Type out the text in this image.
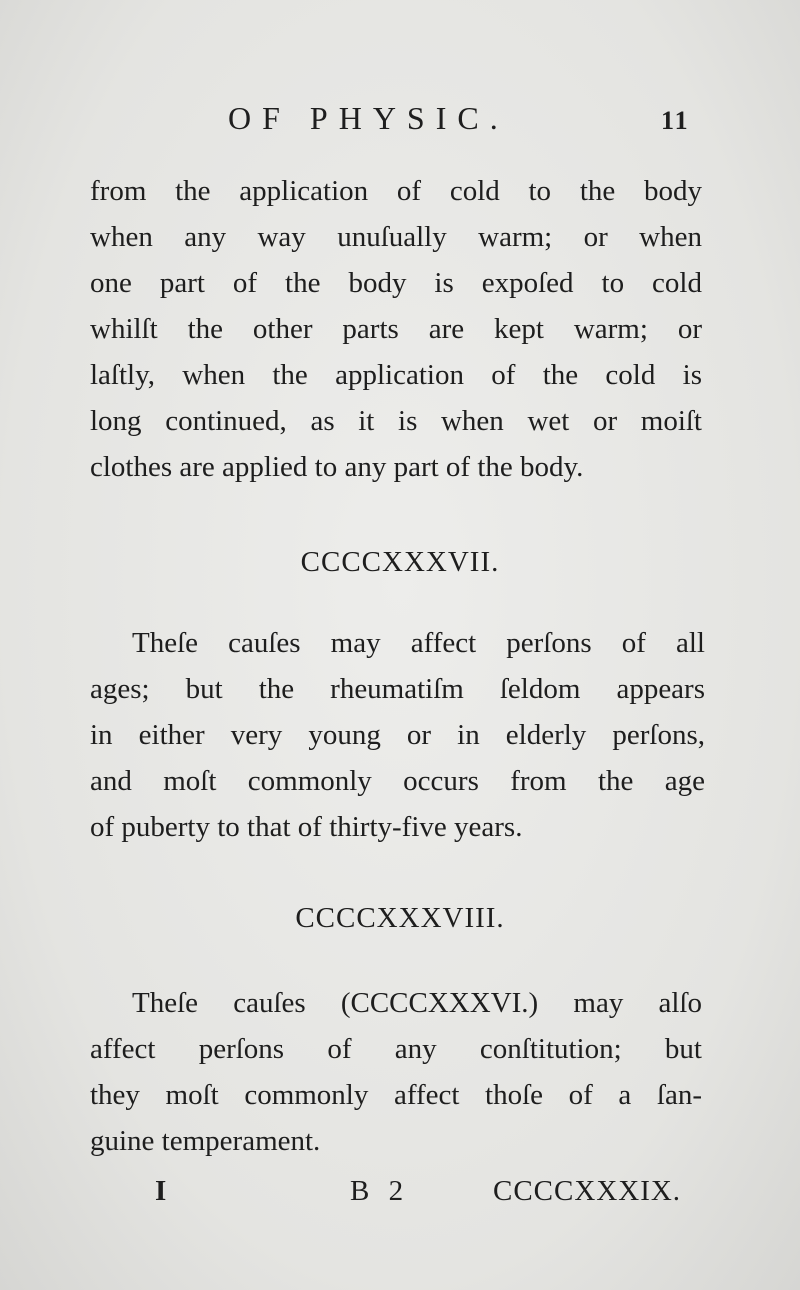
OF PHYSIC.	11
from the application of cold to the body
when any way unuſually warm; or when
one part of the body is expoſed to cold
whilſt the other parts are kept warm; or
laſtly, when the application of the cold is
long continued, as it is when wet or moiſt
clothes are applied to any part of the body.
CCCCXXXVII.
Theſe cauſes may affect perſons of all
ages; but the rheumatiſm ſeldom appears
in either very young or in elderly perſons,
and moſt commonly occurs from the age
of puberty to that of thirty-five years.
CCCCXXXVIII.
Theſe cauſes (CCCCXXXVI.) may alſo
affect perſons of any conſtitution; but
they moſt commonly affect thoſe of a ſan-
guine temperament.
I	B 2	CCCCXXXIX.
